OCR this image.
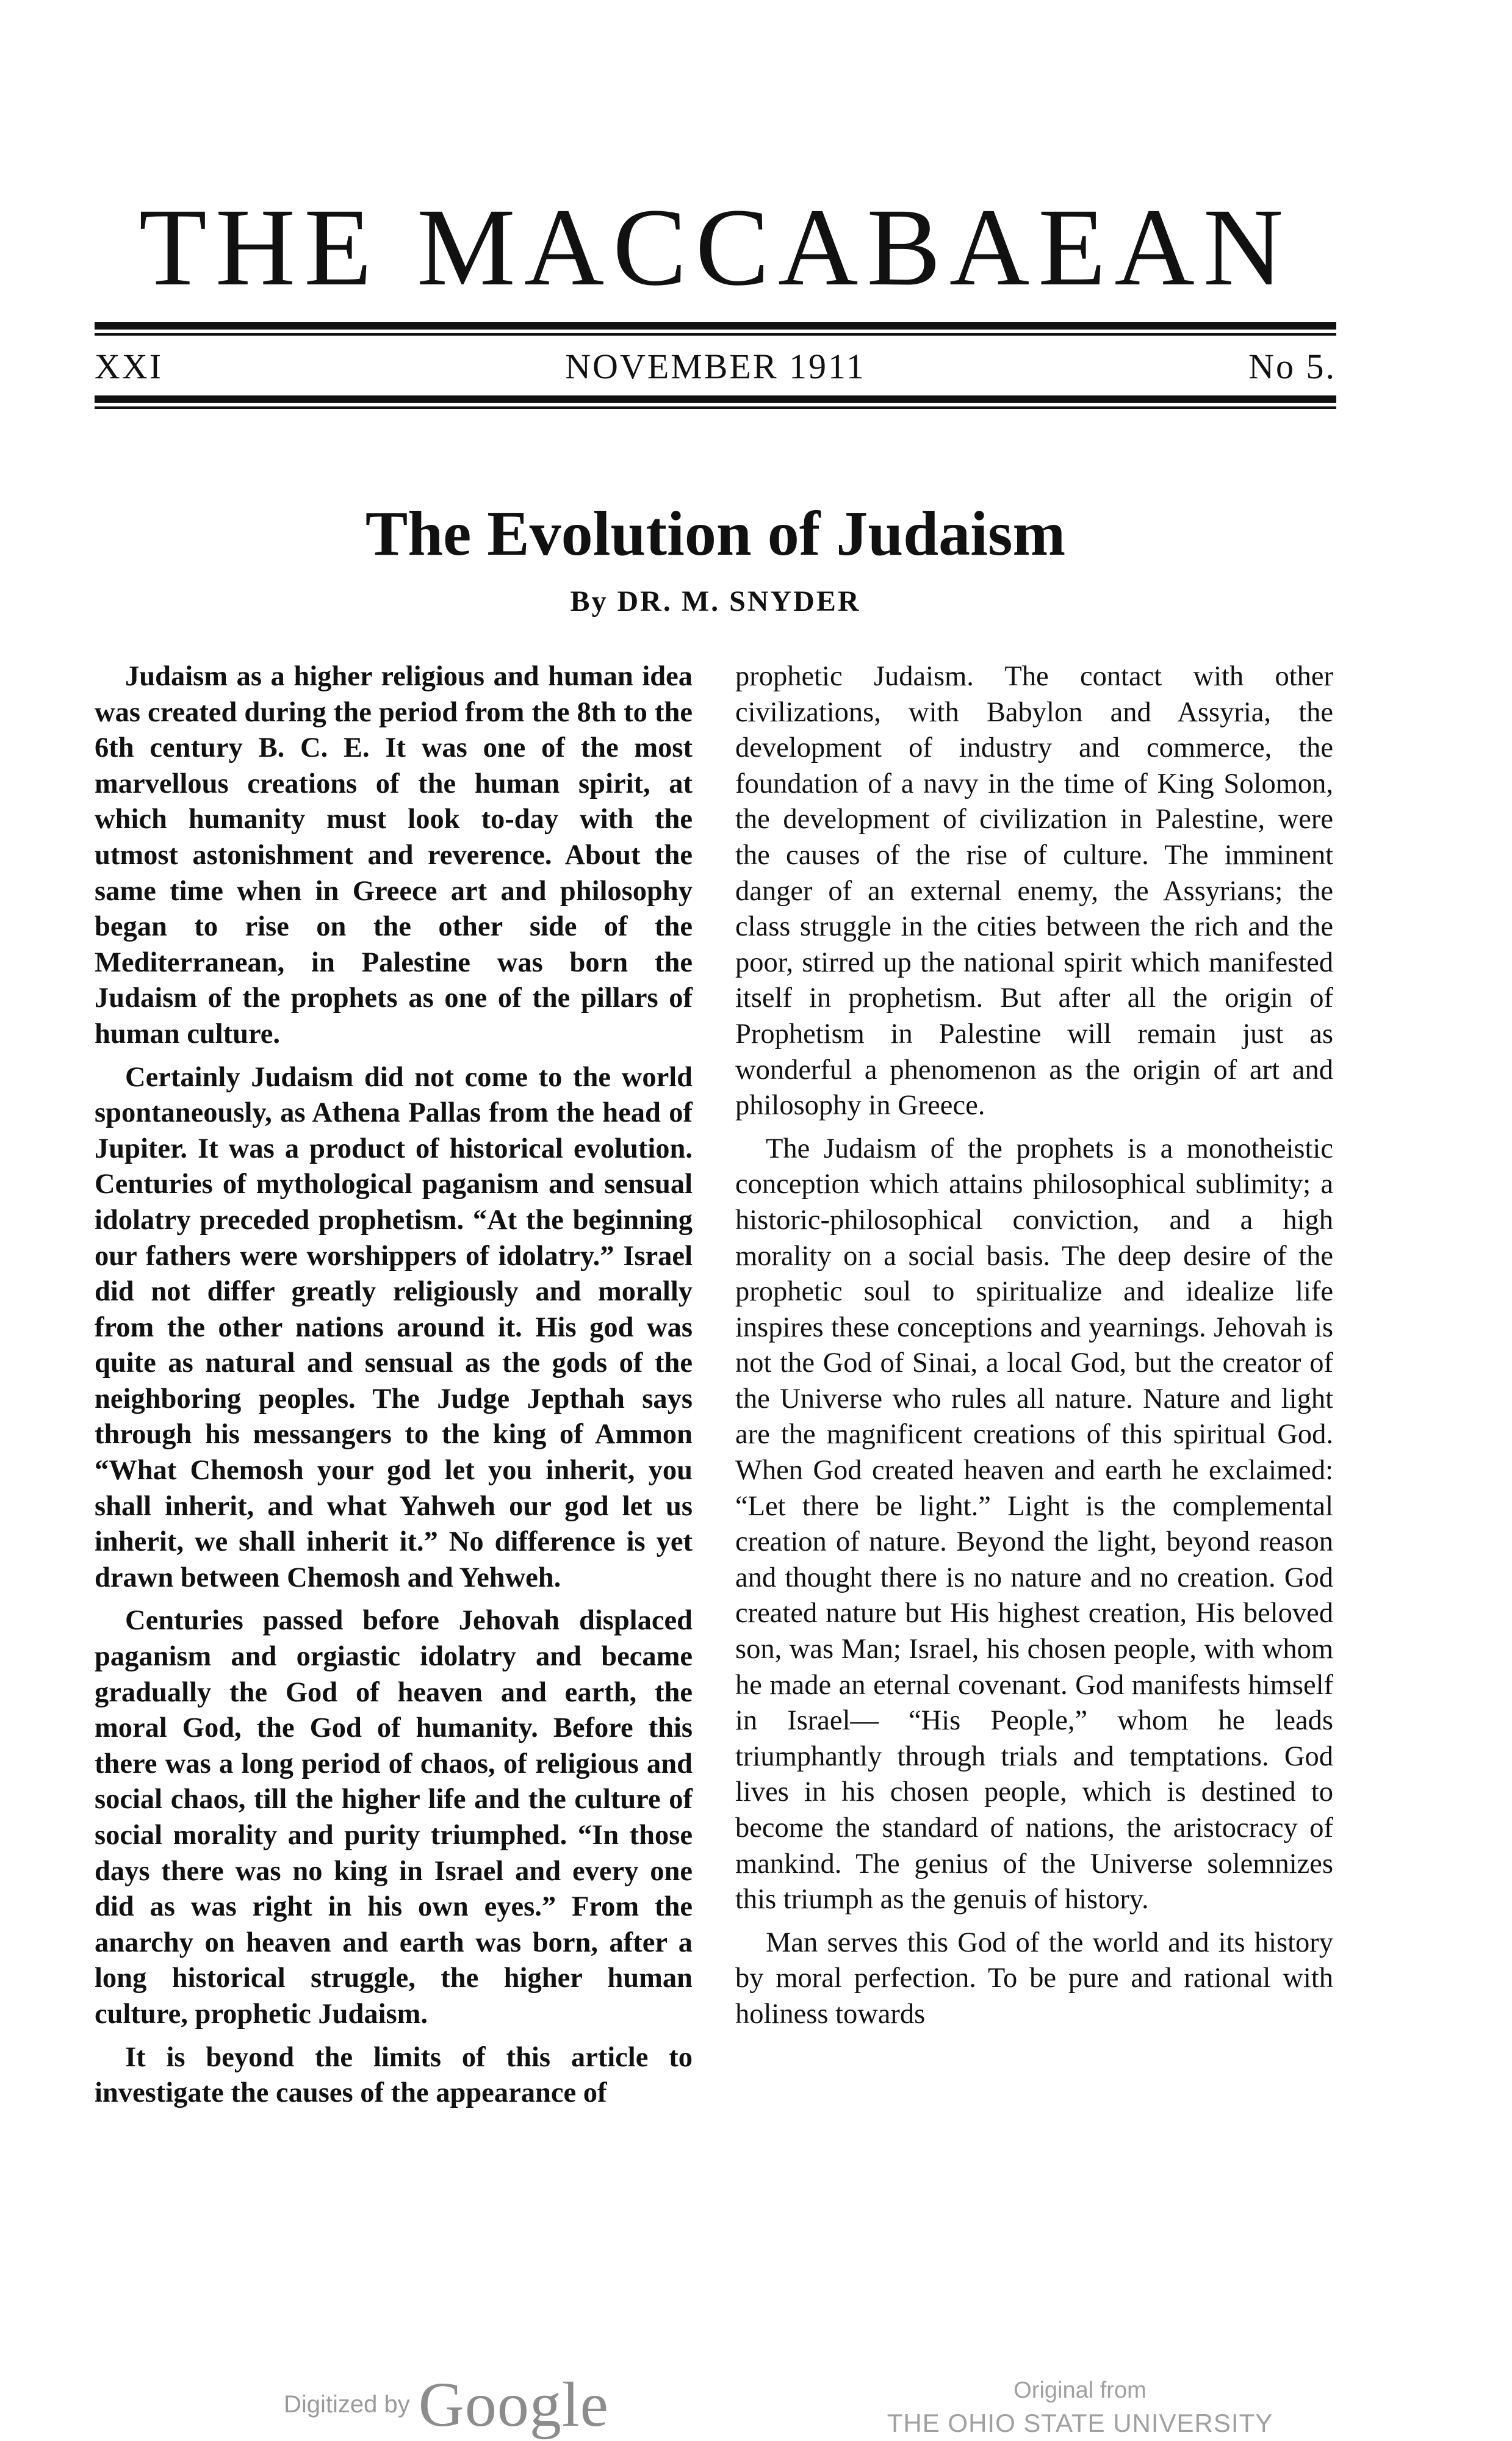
THE MACCABAEAN
XXI	NOVEMBER 1911	No 5.
The Evolution of Judaism
By DR. M. SNYDER

Judaism as a higher religious and human idea was created during the period from the 8th to the 6th century B. C. E. It was one of the most marvellous creations of the human spirit, at which humanity must look to-day with the utmost astonishment and reverence. About the same time when in Greece art and philosophy began to rise on the other side of the Mediterranean, in Palestine was born the Judaism of the prophets as one of the pillars of human culture.

Certainly Judaism did not come to the world spontaneously, as Athena Pallas from the head of Jupiter. It was a product of historical evolution. Centuries of mythological paganism and sensual idolatry preceded prophetism. “At the beginning our fathers were worshippers of idolatry.” Israel did not differ greatly religiously and morally from the other nations around it. His god was quite as natural and sensual as the gods of the neighboring peoples. The Judge Jepthah says through his messangers to the king of Ammon “What Chemosh your god let you inherit, you shall inherit, and what Yahweh our god let us inherit, we shall inherit it.” No difference is yet drawn between Chemosh and Yehweh.

Centuries passed before Jehovah displaced paganism and orgiastic idolatry and became gradually the God of heaven and earth, the moral God, the God of humanity. Before this there was a long period of chaos, of religious and social chaos, till the higher life and the culture of social morality and purity triumphed. “In those days there was no king in Israel and every one did as was right in his own eyes.” From the anarchy on heaven and earth was born, after a long historical struggle, the higher human culture, prophetic Judaism.

It is beyond the limits of this article to investigate the causes of the appearance of

prophetic Judaism. The contact with other civilizations, with Babylon and Assyria, the development of industry and commerce, the foundation of a navy in the time of King Solomon, the development of civilization in Palestine, were the causes of the rise of culture. The imminent danger of an external enemy, the Assyrians; the class struggle in the cities between the rich and the poor, stirred up the national spirit which manifested itself in prophetism. But after all the origin of Prophetism in Palestine will remain just as wonderful a phenomenon as the origin of art and philosophy in Greece.

The Judaism of the prophets is a monotheistic conception which attains philosophical sublimity; a historic-philosophical conviction, and a high morality on a social basis. The deep desire of the prophetic soul to spiritualize and idealize life inspires these conceptions and yearnings. Jehovah is not the God of Sinai, a local God, but the creator of the Universe who rules all nature. Nature and light are the magnificent creations of this spiritual God. When God created heaven and earth he exclaimed: “Let there be light.” Light is the complemental creation of nature. Beyond the light, beyond reason and thought there is no nature and no creation. God created nature but His highest creation, His beloved son, was Man; Israel, his chosen people, with whom he made an eternal covenant. God manifests himself in Israel— “His People,” whom he leads triumphantly through trials and temptations. God lives in his chosen people, which is destined to become the standard of nations, the aristocracy of mankind. The genius of the Universe solemnizes this triumph as the genuis of history.

Man serves this God of the world and its history by moral perfection. To be pure and rational with holiness towards

Digitized by Google	Original from
THE OHIO STATE UNIVERSITY
